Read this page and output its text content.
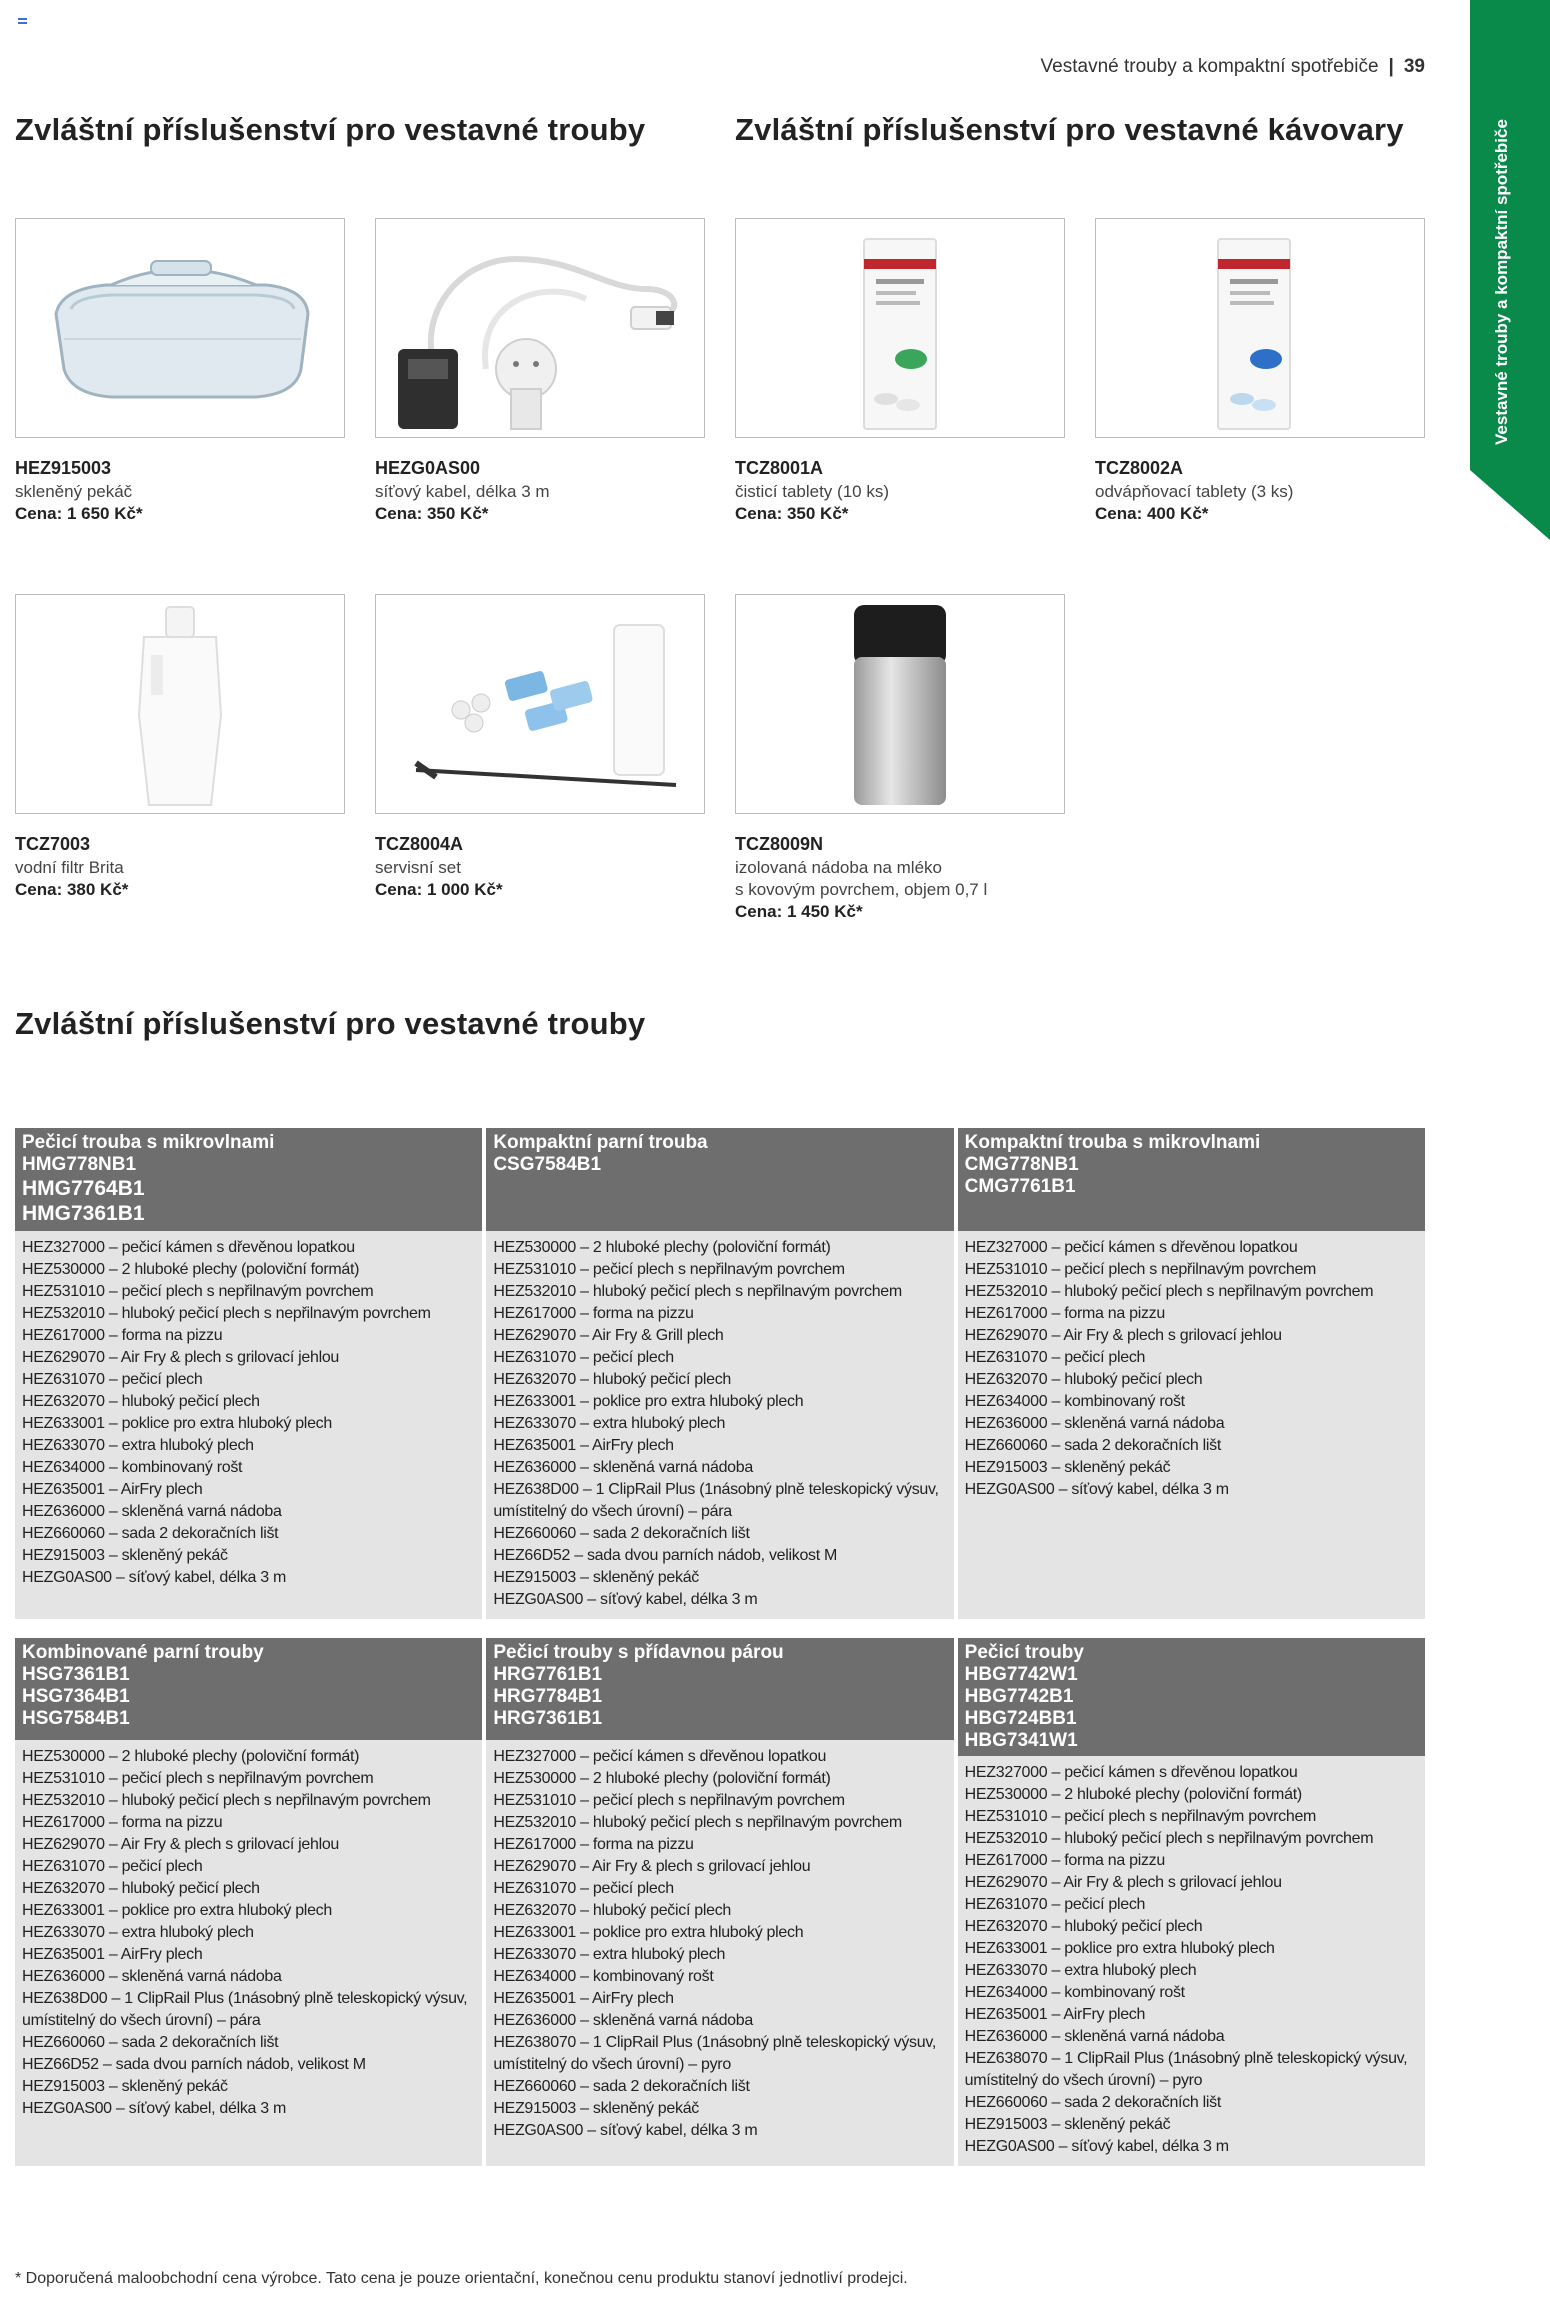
Vestavné trouby a kompaktní spotřebiče | 39
Vestavné trouby a kompaktní spotřebiče
Zvláštní příslušenství pro vestavné trouby	Zvláštní příslušenství pro vestavné kávovary
HEZ915003
skleněný pekáč
Cena: 1 650 Kč*
HEZG0AS00
síťový kabel, délka 3 m
Cena: 350 Kč*
TCZ8001A
čisticí tablety (10 ks)
Cena: 350 Kč*
TCZ8002A
odvápňovací tablety (3 ks)
Cena: 400 Kč*
TCZ7003
vodní filtr Brita
Cena: 380 Kč*
TCZ8004A
servisní set
Cena: 1 000 Kč*
TCZ8009N
izolovaná nádoba na mléko
s kovovým povrchem, objem 0,7 l
Cena: 1 450 Kč*
Zvláštní příslušenství pro vestavné trouby
Pečicí trouba s mikrovlnami
HMG778NB1
HMG7764B1
HMG7361B1
HEZ327000 – pečicí kámen s dřevěnou lopatkou
HEZ530000 – 2 hluboké plechy (poloviční formát)
HEZ531010 – pečicí plech s nepřilnavým povrchem
HEZ532010 – hluboký pečicí plech s nepřilnavým povrchem
HEZ617000 – forma na pizzu
HEZ629070 – Air Fry & plech s grilovací jehlou
HEZ631070 – pečicí plech
HEZ632070 – hluboký pečicí plech
HEZ633001 – poklice pro extra hluboký plech
HEZ633070 – extra hluboký plech
HEZ634000 – kombinovaný rošt
HEZ635001 – AirFry plech
HEZ636000 – skleněná varná nádoba
HEZ660060 – sada 2 dekoračních lišt
HEZ915003 – skleněný pekáč
HEZG0AS00 – síťový kabel, délka 3 m
Kompaktní parní trouba
CSG7584B1
HEZ530000 – 2 hluboké plechy (poloviční formát)
HEZ531010 – pečicí plech s nepřilnavým povrchem
HEZ532010 – hluboký pečicí plech s nepřilnavým povrchem
HEZ617000 – forma na pizzu
HEZ629070 – Air Fry & Grill plech
HEZ631070 – pečicí plech
HEZ632070 – hluboký pečicí plech
HEZ633001 – poklice pro extra hluboký plech
HEZ633070 – extra hluboký plech
HEZ635001 – AirFry plech
HEZ636000 – skleněná varná nádoba
HEZ638D00 – 1 ClipRail Plus (1násobný plně teleskopický výsuv,
umístitelný do všech úrovní) – pára
HEZ660060 – sada 2 dekoračních lišt
HEZ66D52 – sada dvou parních nádob, velikost M
HEZ915003 – skleněný pekáč
HEZG0AS00 – síťový kabel, délka 3 m
Kompaktní trouba s mikrovlnami
CMG778NB1
CMG7761B1
HEZ327000 – pečicí kámen s dřevěnou lopatkou
HEZ531010 – pečicí plech s nepřilnavým povrchem
HEZ532010 – hluboký pečicí plech s nepřilnavým povrchem
HEZ617000 – forma na pizzu
HEZ629070 – Air Fry & plech s grilovací jehlou
HEZ631070 – pečicí plech
HEZ632070 – hluboký pečicí plech
HEZ634000 – kombinovaný rošt
HEZ636000 – skleněná varná nádoba
HEZ660060 – sada 2 dekoračních lišt
HEZ915003 – skleněný pekáč
HEZG0AS00 – síťový kabel, délka 3 m
Kombinované parní trouby
HSG7361B1
HSG7364B1
HSG7584B1
HEZ530000 – 2 hluboké plechy (poloviční formát)
HEZ531010 – pečicí plech s nepřilnavým povrchem
HEZ532010 – hluboký pečicí plech s nepřilnavým povrchem
HEZ617000 – forma na pizzu
HEZ629070 – Air Fry & plech s grilovací jehlou
HEZ631070 – pečicí plech
HEZ632070 – hluboký pečicí plech
HEZ633001 – poklice pro extra hluboký plech
HEZ633070 – extra hluboký plech
HEZ635001 – AirFry plech
HEZ636000 – skleněná varná nádoba
HEZ638D00 – 1 ClipRail Plus (1násobný plně teleskopický výsuv,
umístitelný do všech úrovní) – pára
HEZ660060 – sada 2 dekoračních lišt
HEZ66D52 – sada dvou parních nádob, velikost M
HEZ915003 – skleněný pekáč
HEZG0AS00 – síťový kabel, délka 3 m
Pečicí trouby s přídavnou párou
HRG7761B1
HRG7784B1
HRG7361B1
HEZ327000 – pečicí kámen s dřevěnou lopatkou
HEZ530000 – 2 hluboké plechy (poloviční formát)
HEZ531010 – pečicí plech s nepřilnavým povrchem
HEZ532010 – hluboký pečicí plech s nepřilnavým povrchem
HEZ617000 – forma na pizzu
HEZ629070 – Air Fry & plech s grilovací jehlou
HEZ631070 – pečicí plech
HEZ632070 – hluboký pečicí plech
HEZ633001 – poklice pro extra hluboký plech
HEZ633070 – extra hluboký plech
HEZ634000 – kombinovaný rošt
HEZ635001 – AirFry plech
HEZ636000 – skleněná varná nádoba
HEZ638070 – 1 ClipRail Plus (1násobný plně teleskopický výsuv,
umístitelný do všech úrovní) – pyro
HEZ660060 – sada 2 dekoračních lišt
HEZ915003 – skleněný pekáč
HEZG0AS00 – síťový kabel, délka 3 m
Pečicí trouby
HBG7742W1
HBG7742B1
HBG724BB1
HBG7341W1
HEZ327000 – pečicí kámen s dřevěnou lopatkou
HEZ530000 – 2 hluboké plechy (poloviční formát)
HEZ531010 – pečicí plech s nepřilnavým povrchem
HEZ532010 – hluboký pečicí plech s nepřilnavým povrchem
HEZ617000 – forma na pizzu
HEZ629070 – Air Fry & plech s grilovací jehlou
HEZ631070 – pečicí plech
HEZ632070 – hluboký pečicí plech
HEZ633001 – poklice pro extra hluboký plech
HEZ633070 – extra hluboký plech
HEZ634000 – kombinovaný rošt
HEZ635001 – AirFry plech
HEZ636000 – skleněná varná nádoba
HEZ638070 – 1 ClipRail Plus (1násobný plně teleskopický výsuv,
umístitelný do všech úrovní) – pyro
HEZ660060 – sada 2 dekoračních lišt
HEZ915003 – skleněný pekáč
HEZG0AS00 – síťový kabel, délka 3 m
* Doporučená maloobchodní cena výrobce. Tato cena je pouze orientační, konečnou cenu produktu stanoví jednotliví prodejci.
